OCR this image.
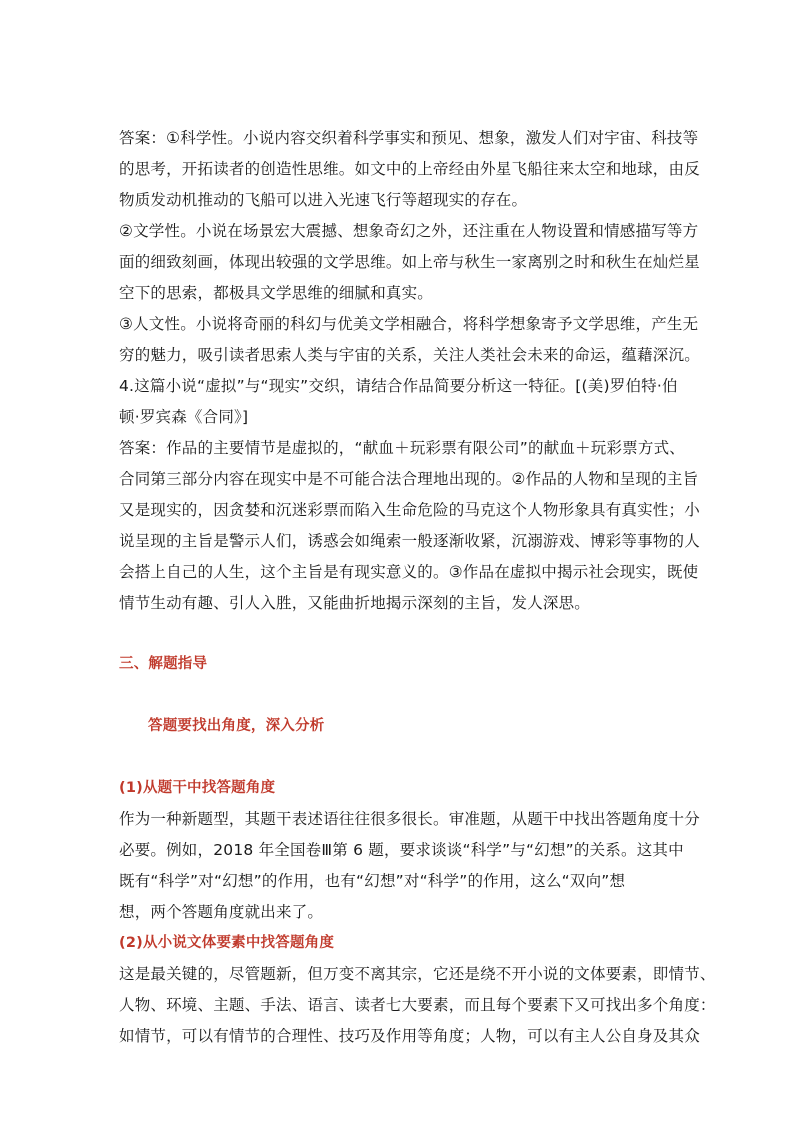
答案：①科学性。小说内容交织着科学事实和预见、想象，激发人们对宇宙、科技等
的思考，开拓读者的创造性思维。如文中的上帝经由外星飞船往来太空和地球，由反
物质发动机推动的飞船可以进入光速飞行等超现实的存在。
②文学性。小说在场景宏大震撼、想象奇幻之外，还注重在人物设置和情感描写等方
面的细致刻画，体现出较强的文学思维。如上帝与秋生一家离别之时和秋生在灿烂星
空下的思索，都极具文学思维的细腻和真实。
③人文性。小说将奇丽的科幻与优美文学相融合，将科学想象寄予文学思维，产生无
穷的魅力，吸引读者思索人类与宇宙的关系，关注人类社会未来的命运，蕴藉深沉。
4.这篇小说“虚拟”与“现实”交织，请结合作品简要分析这一特征。[(美)罗伯特·伯
顿·罗宾森《合同》]
答案：作品的主要情节是虚拟的，“献血＋玩彩票有限公司”的献血＋玩彩票方式、
合同第三部分内容在现实中是不可能合法合理地出现的。②作品的人物和呈现的主旨
又是现实的，因贪婪和沉迷彩票而陷入生命危险的马克这个人物形象具有真实性；小
说呈现的主旨是警示人们，诱惑会如绳索一般逐渐收紧，沉溺游戏、博彩等事物的人
会搭上自己的人生，这个主旨是有现实意义的。③作品在虚拟中揭示社会现实，既使
情节生动有趣、引人入胜，又能曲折地揭示深刻的主旨，发人深思。
三、解题指导
答题要找出角度，深入分析
(1)从题干中找答题角度
作为一种新题型，其题干表述语往往很多很长。审准题，从题干中找出答题角度十分
必要。例如，2018 年全国卷Ⅲ第 6 题，要求谈谈“科学”与“幻想”的关系。这其中
既有“科学”对“幻想”的作用，也有“幻想”对“科学”的作用，这么“双向”想
想，两个答题角度就出来了。
(2)从小说文体要素中找答题角度
这是最关键的，尽管题新，但万变不离其宗，它还是绕不开小说的文体要素，即情节、
人物、环境、主题、手法、语言、读者七大要素，而且每个要素下又可找出多个角度：
如情节，可以有情节的合理性、技巧及作用等角度；人物，可以有主人公自身及其众
